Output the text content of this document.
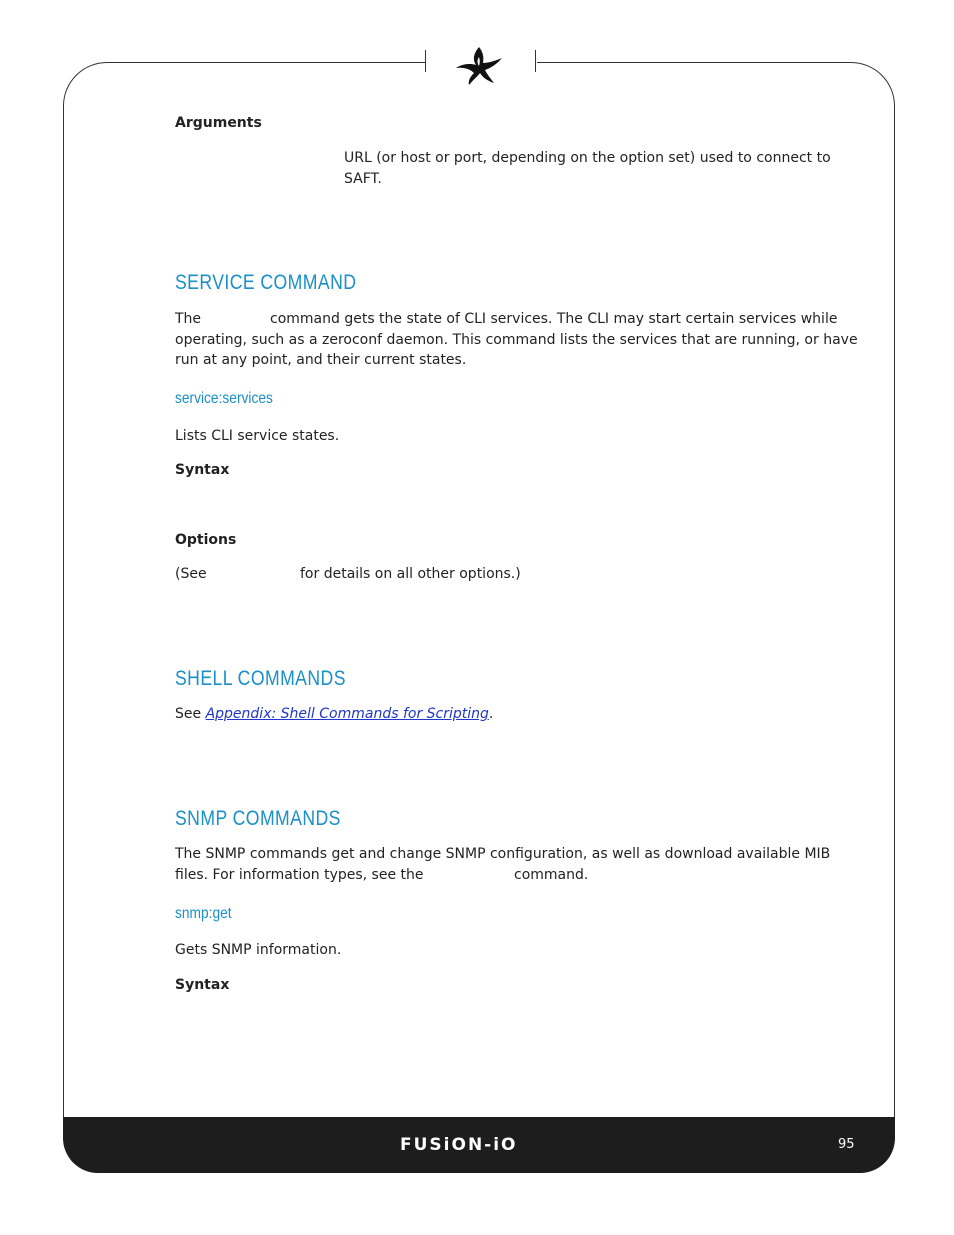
Arguments

URL (or host or port, depending on the option set) used to connect to

SAFT.

SERVICE COMMAND

The	command gets the state of CLI services. The CLI may start certain services while

operating, such as a zeroconf daemon. This command lists the services that are running, or have

run at any point, and their current states.

service:services

Lists CLI service states.

Syntax

Options

(See	for details on all other options.)

SHELL COMMANDS

See Appendix: Shell Commands for Scripting.

SNMP COMMANDS

The SNMP commands get and change SNMP configuration, as well as download available MIB

files. For information types, see the	command.

snmp:get

Gets SNMP information.

Syntax

FUSiON-iO	95
